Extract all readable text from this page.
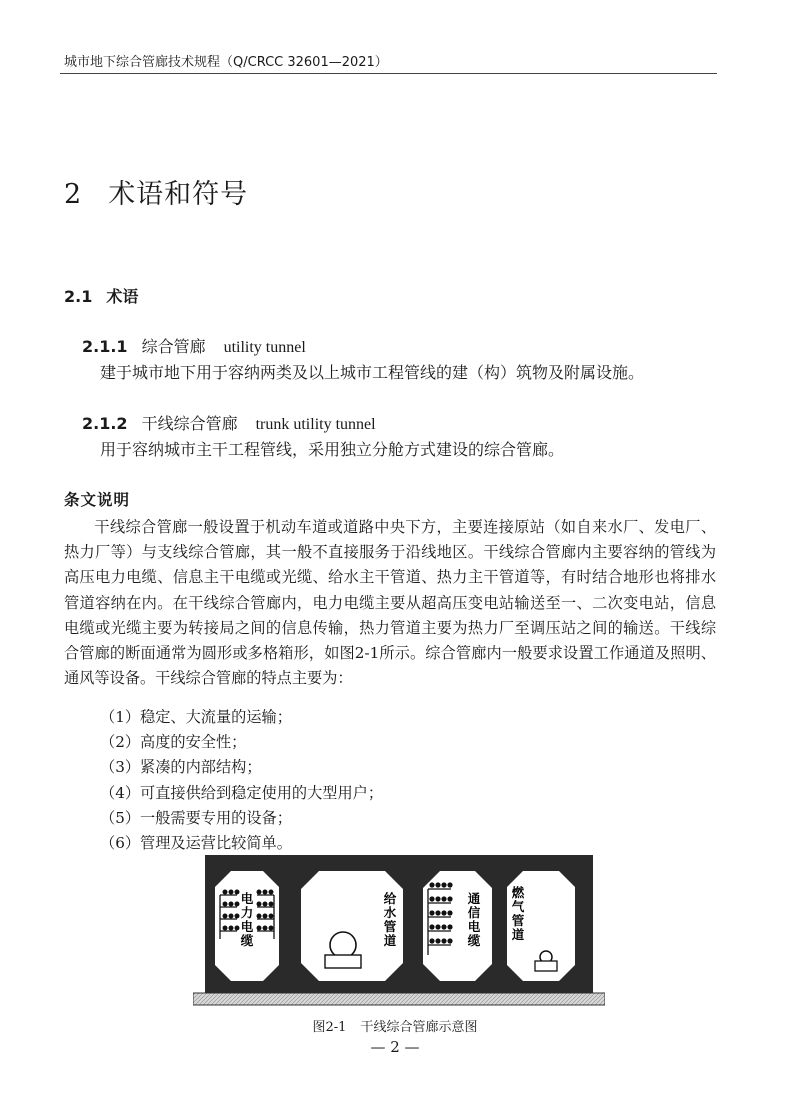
城市地下综合管廊技术规程（Q/CRCC 32601—2021）
2 术语和符号
2.1 术语
2.1.1 综合管廊 utility tunnel
建于城市地下用于容纳两类及以上城市工程管线的建（构）筑物及附属设施。
2.1.2 干线综合管廊 trunk utility tunnel
用于容纳城市主干工程管线，采用独立分舱方式建设的综合管廊。
条文说明

干线综合管廊一般设置于机动车道或道路中央下方，主要连接原站（如自来水厂、发电厂、热力厂等）与支线综合管廊，其一般不直接服务于沿线地区。干线综合管廊内主要容纳的管线为高压电力电缆、信息主干电缆或光缆、给水主干管道、热力主干管道等，有时结合地形也将排水管道容纳在内。在干线综合管廊内，电力电缆主要从超高压变电站输送至一、二次变电站，信息电缆或光缆主要为转接局之间的信息传输，热力管道主要为热力厂至调压站之间的输送。干线综合管廊的断面通常为圆形或多格箱形，如图2-1所示。综合管廊内一般要求设置工作通道及照明、通风等设备。干线综合管廊的特点主要为：

（1）稳定、大流量的运输；
（2）高度的安全性；
（3）紧凑的内部结构；
（4）可直接供给到稳定使用的大型用户；
（5）一般需要专用的设备；
（6）管理及运营比较简单。
电力电缆
给水管道
通信电缆
燃气管道
图2-1 干线综合管廊示意图
— 2 —
